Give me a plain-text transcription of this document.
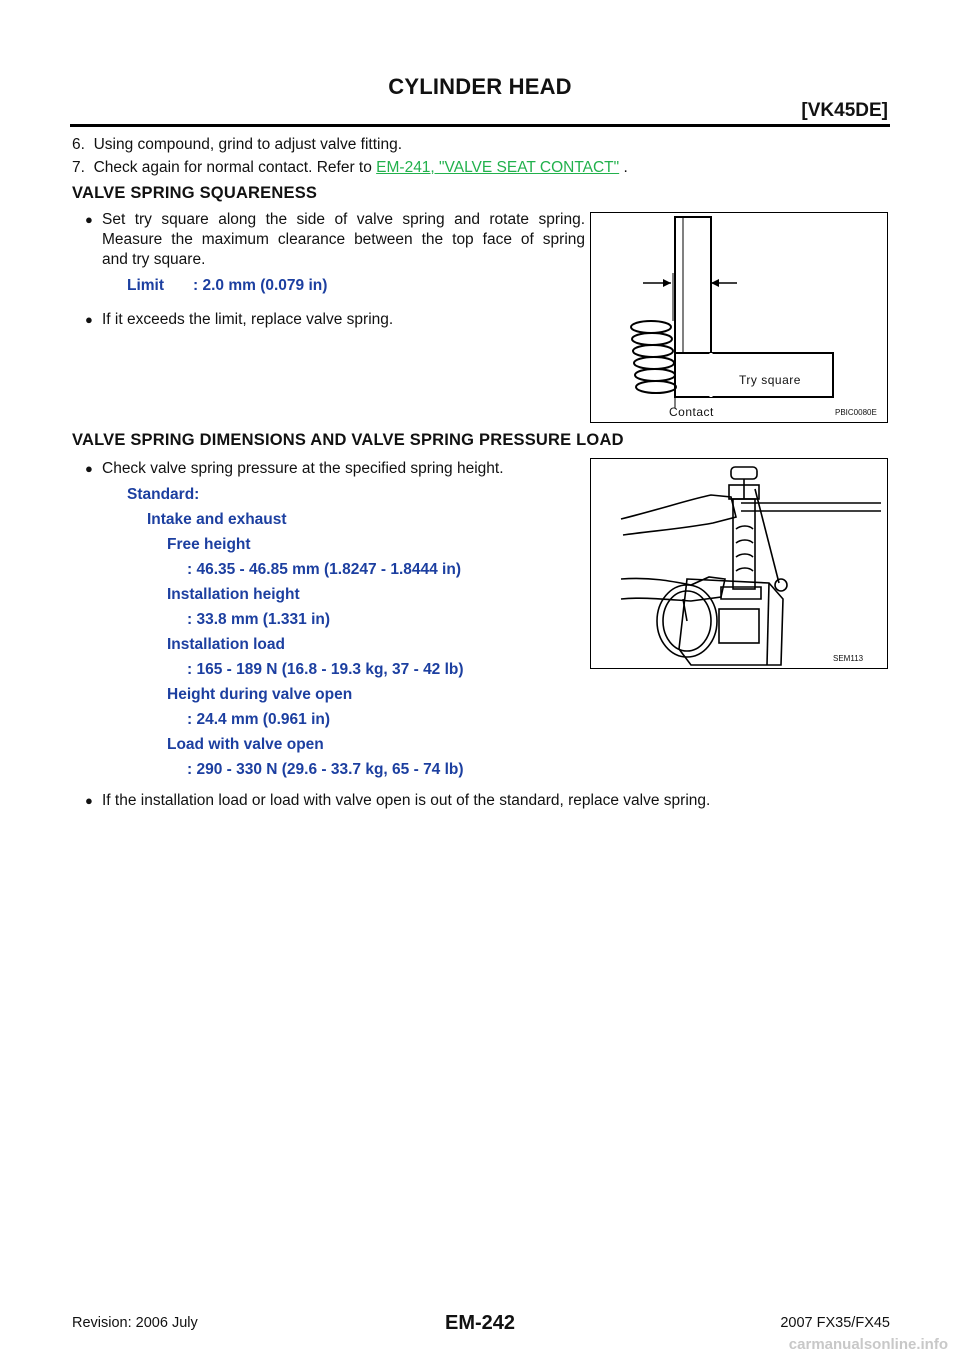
CYLINDER HEAD
[VK45DE]
6. Using compound, grind to adjust valve fitting.
7. Check again for normal contact. Refer to EM-241, "VALVE SEAT CONTACT" .
VALVE SPRING SQUARENESS
● Set try square along the side of valve spring and rotate spring.
Measure the maximum clearance between the top face of spring
and try square.
Limit : 2.0 mm (0.079 in)
● If it exceeds the limit, replace valve spring.
Try square
Contact	PBIC0080E
VALVE SPRING DIMENSIONS AND VALVE SPRING PRESSURE LOAD
● Check valve spring pressure at the specified spring height.
Standard:
Intake and exhaust
Free height
: 46.35 - 46.85 mm (1.8247 - 1.8444 in)
Installation height
: 33.8 mm (1.331 in)
Installation load
: 165 - 189 N (16.8 - 19.3 kg, 37 - 42 lb)
Height during valve open
: 24.4 mm (0.961 in)
Load with valve open
: 290 - 330 N (29.6 - 33.7 kg, 65 - 74 lb)
● If the installation load or load with valve open is out of the standard, replace valve spring.
SEM113
Revision: 2006 July	EM-242	2007 FX35/FX45
carmanualsonline.info
